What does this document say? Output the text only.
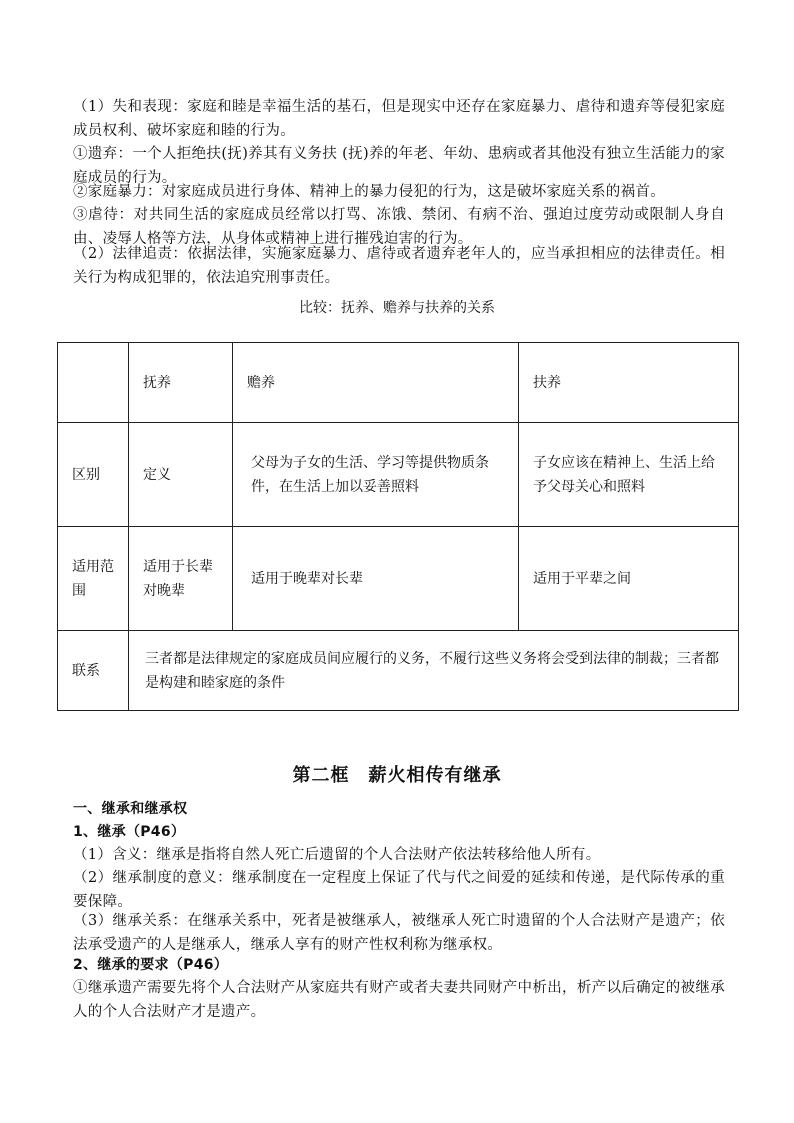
（1）失和表现：家庭和睦是幸福生活的基石，但是现实中还存在家庭暴力、虐待和遗弃等侵犯家庭成员权利、破坏家庭和睦的行为。

①遗弃：一个人拒绝扶(抚)养其有义务扶 (抚)养的年老、年幼、患病或者其他没有独立生活能力的家庭成员的行为。

②家庭暴力：对家庭成员进行身体、精神上的暴力侵犯的行为，这是破坏家庭关系的祸首。

③虐待：对共同生活的家庭成员经常以打骂、冻饿、禁闭、有病不治、强迫过度劳动或限制人身自由、凌辱人格等方法，从身体或精神上进行摧残迫害的行为。

（2）法律追责：依据法律，实施家庭暴力、虐待或者遗弃老年人的，应当承担相应的法律责任。相关行为构成犯罪的，依法追究刑事责任。

比较：抚养、赡养与扶养的关系
	抚养	赡养	扶养
区别	定义	父母为子女的生活、学习等提供物质条件，在生活上加以妥善照料	子女应该在精神上、生活上给予父母关心和照料
适用范围	适用于长辈对晚辈	适用于晚辈对长辈	适用于平辈之间
联系	三者都是法律规定的家庭成员间应履行的义务，不履行这些义务将会受到法律的制裁；三者都是构建和睦家庭的条件		
第二框　薪火相传有继承

一、继承和继承权

1、继承（P46）

（1）含义：继承是指将自然人死亡后遗留的个人合法财产依法转移给他人所有。

（2）继承制度的意义：继承制度在一定程度上保证了代与代之间爱的延续和传递，是代际传承的重要保障。

（3）继承关系：在继承关系中，死者是被继承人，被继承人死亡时遗留的个人合法财产是遗产；依法承受遗产的人是继承人，继承人享有的财产性权利称为继承权。

2、继承的要求（P46）

①继承遗产需要先将个人合法财产从家庭共有财产或者夫妻共同财产中析出，析产以后确定的被继承人的个人合法财产才是遗产。
